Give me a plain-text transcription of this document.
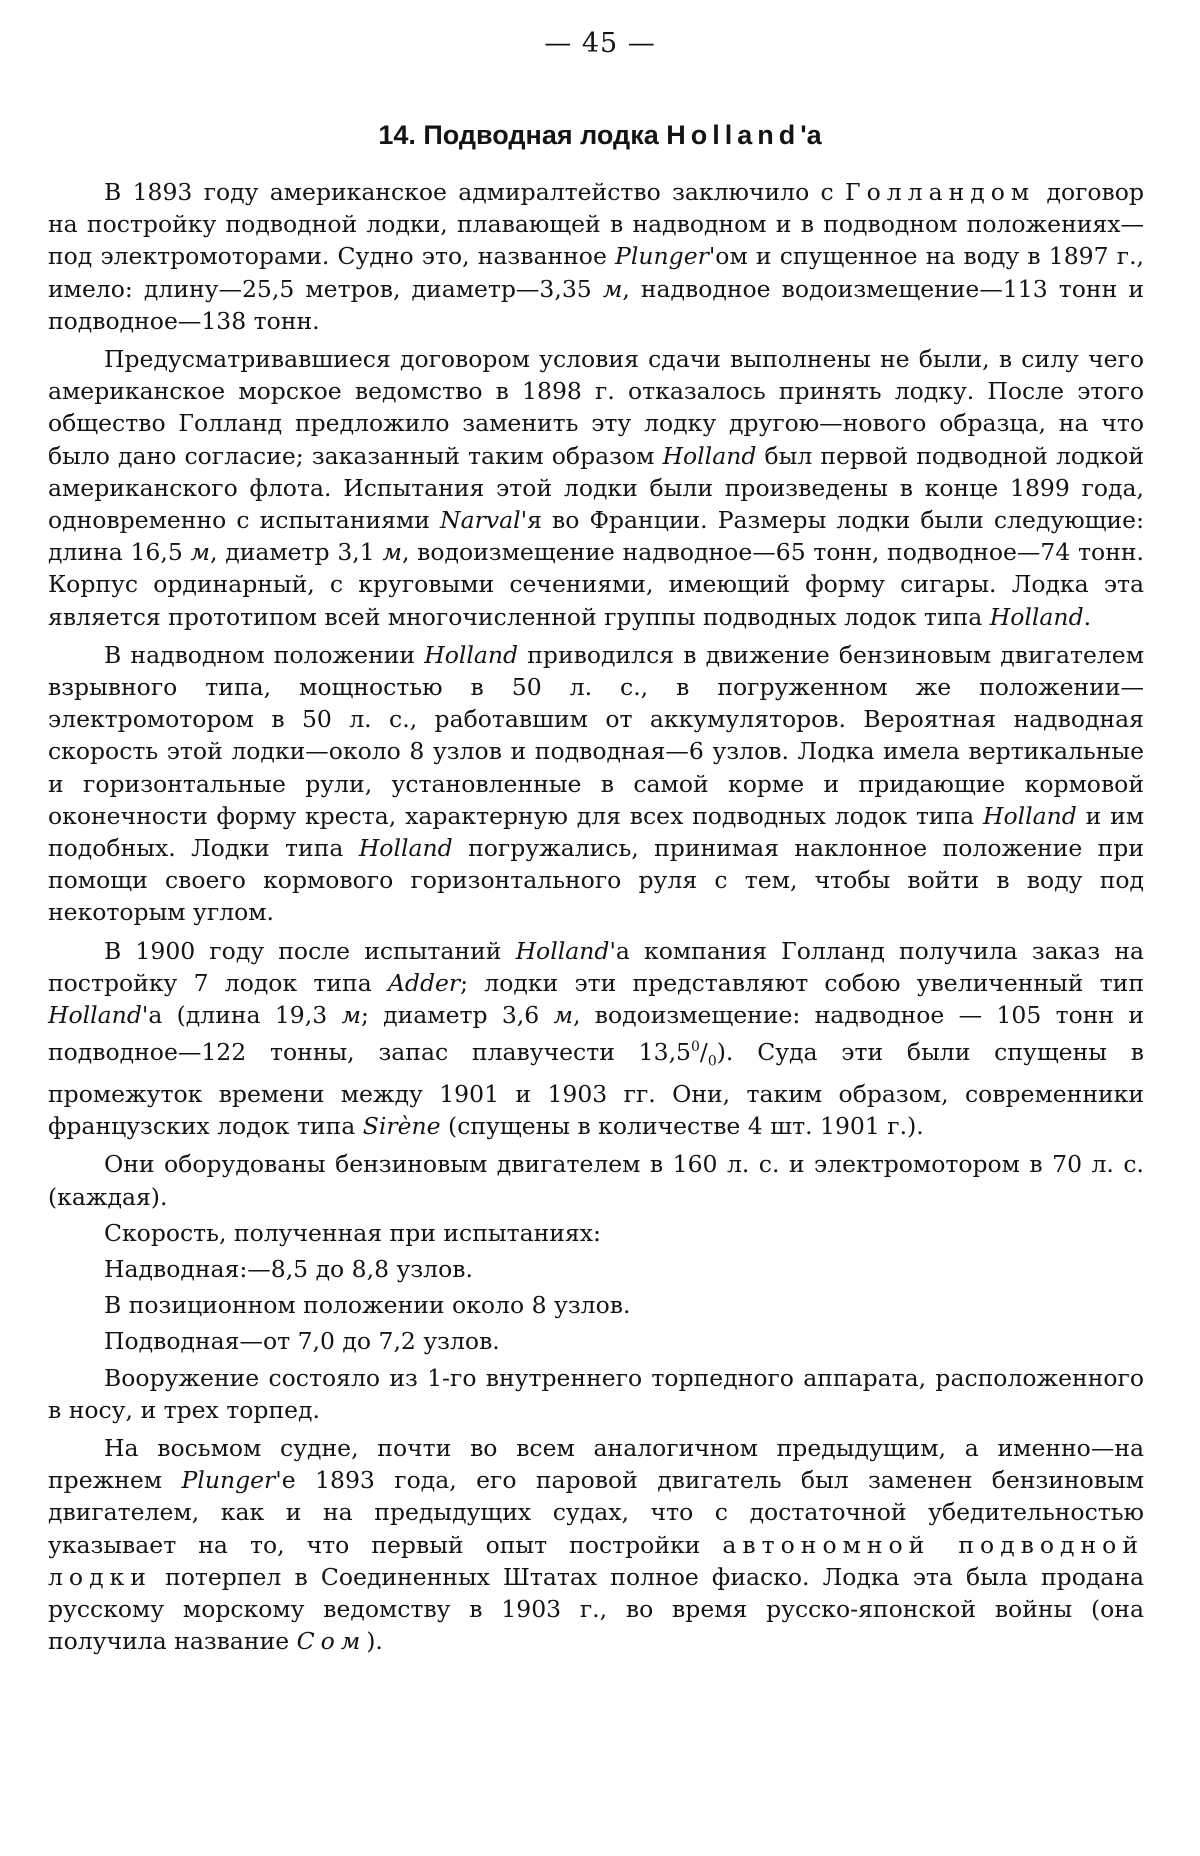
— 45 —
14. Подводная лодка Holland'a

В 1893 году американское адмиралтейство заключило с Голландом договор на постройку подводной лодки, плавающей в надводном и в подводном положениях—под электромоторами. Судно это, названное Plunger'ом и спущенное на воду в 1897 г., имело: длину—25,5 метров, диаметр—3,35 м, надводное водоизмещение—113 тонн и подводное—138 тонн.

Предусматривавшиеся договором условия сдачи выполнены не были, в силу чего американское морское ведомство в 1898 г. отказалось принять лодку. После этого общество Голланд предложило заменить эту лодку другою—нового образца, на что было дано согласие; заказанный таким образом Holland был первой подводной лодкой американского флота. Испытания этой лодки были произведены в конце 1899 года, одновременно с испытаниями Narval'я во Франции. Размеры лодки были следующие: длина 16,5 м, диаметр 3,1 м, водоизмещение надводное—65 тонн, подводное—74 тонн. Корпус ординарный, с круговыми сечениями, имеющий форму сигары. Лодка эта является прототипом всей многочисленной группы подводных лодок типа Holland.

В надводном положении Holland приводился в движение бензиновым двигателем взрывного типа, мощностью в 50 л. с., в погруженном же положении—электромотором в 50 л. с., работавшим от аккумуляторов. Вероятная надводная скорость этой лодки—около 8 узлов и подводная—6 узлов. Лодка имела вертикальные и горизонтальные рули, установленные в самой корме и придающие кормовой оконечности форму креста, характерную для всех подводных лодок типа Holland и им подобных. Лодки типа Holland погружались, принимая наклонное положение при помощи своего кормового горизонтального руля с тем, чтобы войти в воду под некоторым углом.

В 1900 году после испытаний Holland'а компания Голланд получила заказ на постройку 7 лодок типа Adder; лодки эти представляют собою увеличенный тип Holland'а (длина 19,3 м; диаметр 3,6 м, водоизмещение: надводное — 105 тонн и подводное—122 тонны, запас плавучести $13,5^0/_0$). Суда эти были спущены в промежуток времени между 1901 и 1903 гг. Они, таким образом, современники французских лодок типа Sirène (спущены в количестве 4 шт. 1901 г.).

Они оборудованы бензиновым двигателем в 160 л. с. и электромотором в 70 л. с. (каждая).

Скорость, полученная при испытаниях:

Надводная:—8,5 до 8,8 узлов.

В позиционном положении около 8 узлов.

Подводная—от 7,0 до 7,2 узлов.

Вооружение состояло из 1-го внутреннего торпедного аппарата, расположенного в носу, и трех торпед.

На восьмом судне, почти во всем аналогичном предыдущим, а именно—на прежнем Plunger'е 1893 года, его паровой двигатель был заменен бензиновым двигателем, как и на предыдущих судах, что с достаточной убедительностью указывает на то, что первый опыт постройки автономной подводной лодки потерпел в Соединенных Штатах полное фиаско. Лодка эта была продана русскому морскому ведомству в 1903 г., во время русско-японской войны (она получила название Сом).
